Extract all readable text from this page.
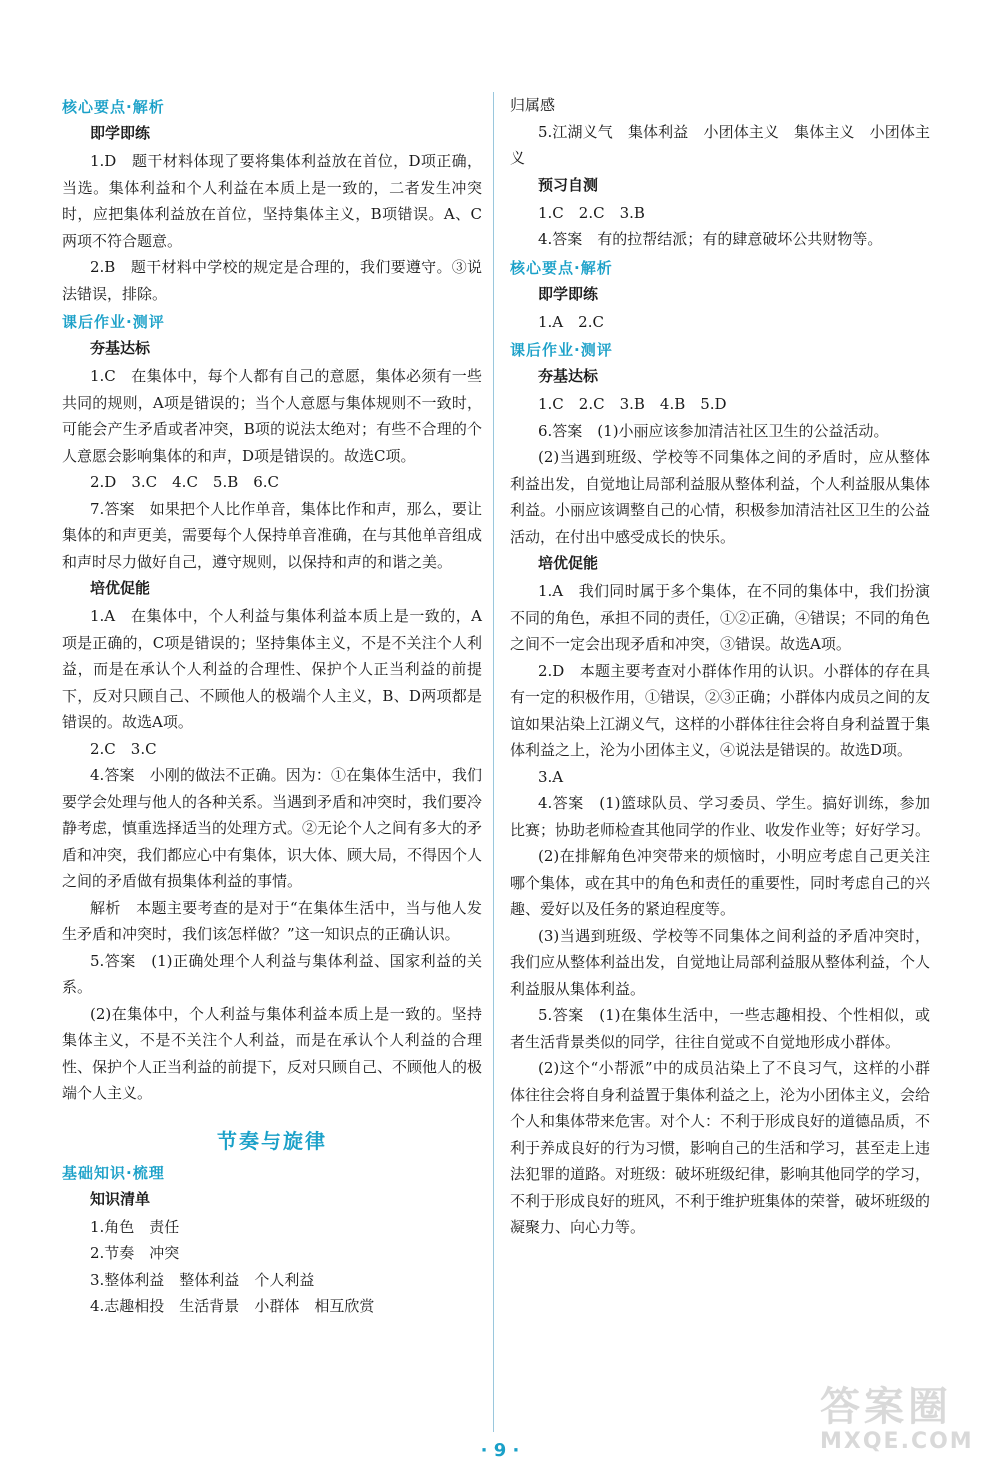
核心要点·解析
即学即练

1.D　题干材料体现了要将集体利益放在首位，D项正确，当选。集体利益和个人利益在本质上是一致的，二者发生冲突时，应把集体利益放在首位，坚持集体主义，B项错误。A、C两项不符合题意。

2.B　题干材料中学校的规定是合理的，我们要遵守。③说法错误，排除。

课后作业·测评
夯基达标

1.C　在集体中，每个人都有自己的意愿，集体必须有一些共同的规则，A项是错误的；当个人意愿与集体规则不一致时，可能会产生矛盾或者冲突，B项的说法太绝对；有些不合理的个人意愿会影响集体的和声，D项是错误的。故选C项。

2.D　3.C　4.C　5.B　6.C

7.答案　如果把个人比作单音，集体比作和声，那么，要让集体的和声更美，需要每个人保持单音准确，在与其他单音组成和声时尽力做好自己，遵守规则，以保持和声的和谐之美。

培优促能

1.A　在集体中，个人利益与集体利益本质上是一致的，A项是正确的，C项是错误的；坚持集体主义，不是不关注个人利益，而是在承认个人利益的合理性、保护个人正当利益的前提下，反对只顾自己、不顾他人的极端个人主义，B、D两项都是错误的。故选A项。

2.C　3.C

4.答案　小刚的做法不正确。因为：①在集体生活中，我们要学会处理与他人的各种关系。当遇到矛盾和冲突时，我们要冷静考虑，慎重选择适当的处理方式。②无论个人之间有多大的矛盾和冲突，我们都应心中有集体，识大体、顾大局，不得因个人之间的矛盾做有损集体利益的事情。

解析　本题主要考查的是对于“在集体生活中，当与他人发生矛盾和冲突时，我们该怎样做？”这一知识点的正确认识。

5.答案　(1)正确处理个人利益与集体利益、国家利益的关系。

(2)在集体中，个人利益与集体利益本质上是一致的。坚持集体主义，不是不关注个人利益，而是在承认个人利益的合理性、保护个人正当利益的前提下，反对只顾自己、不顾他人的极端个人主义。

节奏与旋律
基础知识·梳理
知识清单

1.角色　责任

2.节奏　冲突

3.整体利益　整体利益　个人利益

4.志趣相投　生活背景　小群体　相互欣赏

归属感

5.江湖义气　集体利益　小团体主义　集体主义　小团体主义

预习自测

1.C　2.C　3.B

4.答案　有的拉帮结派；有的肆意破坏公共财物等。

核心要点·解析
即学即练

1.A　2.C

课后作业·测评
夯基达标

1.C　2.C　3.B　4.B　5.D

6.答案　(1)小丽应该参加清洁社区卫生的公益活动。

(2)当遇到班级、学校等不同集体之间的矛盾时，应从整体利益出发，自觉地让局部利益服从整体利益，个人利益服从集体利益。小丽应该调整自己的心情，积极参加清洁社区卫生的公益活动，在付出中感受成长的快乐。

培优促能

1.A　我们同时属于多个集体，在不同的集体中，我们扮演不同的角色，承担不同的责任，①②正确，④错误；不同的角色之间不一定会出现矛盾和冲突，③错误。故选A项。

2.D　本题主要考查对小群体作用的认识。小群体的存在具有一定的积极作用，①错误，②③正确；小群体内成员之间的友谊如果沾染上江湖义气，这样的小群体往往会将自身利益置于集体利益之上，沦为小团体主义，④说法是错误的。故选D项。

3.A

4.答案　(1)篮球队员、学习委员、学生。搞好训练，参加比赛；协助老师检查其他同学的作业、收发作业等；好好学习。

(2)在排解角色冲突带来的烦恼时，小明应考虑自己更关注哪个集体，或在其中的角色和责任的重要性，同时考虑自己的兴趣、爱好以及任务的紧迫程度等。

(3)当遇到班级、学校等不同集体之间利益的矛盾冲突时，我们应从整体利益出发，自觉地让局部利益服从整体利益，个人利益服从集体利益。

5.答案　(1)在集体生活中，一些志趣相投、个性相似，或者生活背景类似的同学，往往自觉或不自觉地形成小群体。

(2)这个“小帮派”中的成员沾染上了不良习气，这样的小群体往往会将自身利益置于集体利益之上，沦为小团体主义，会给个人和集体带来危害。对个人：不利于形成良好的道德品质，不利于养成良好的行为习惯，影响自己的生活和学习，甚至走上违法犯罪的道路。对班级：破坏班级纪律，影响其他同学的学习，不利于形成良好的班风，不利于维护班集体的荣誉，破坏班级的凝聚力、向心力等。

· 9 ·
答案圈
MXQE.COM
